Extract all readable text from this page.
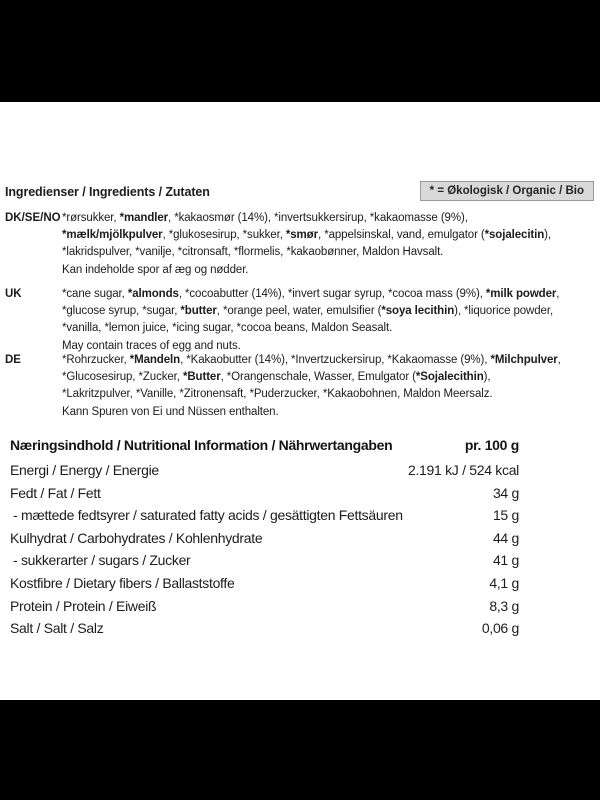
Ingredienser / Ingredients / Zutaten	* = Økologisk / Organic / Bio
DK/SE/NO *rørsukker, *mandler, *kakaosmør (14%), *invertsukkersirup, *kakaomasse (9%),
*mælk/mjölkpulver, *glukosesirup, *sukker, *smør, *appelsinskal, vand, emulgator (*sojalecitin),
*lakridspulver, *vanilje, *citronsaft, *flormelis, *kakaobønner, Maldon Havsalt.
Kan indeholde spor af æg og nødder.
UK	*cane sugar, *almonds, *cocoabutter (14%), *invert sugar syrup, *cocoa mass (9%), *milk powder,
*glucose syrup, *sugar, *butter, *orange peel, water, emulsifier (*soya lecithin), *liquorice powder,
*vanilla, *lemon juice, *icing sugar, *cocoa beans, Maldon Seasalt.
May contain traces of egg and nuts.
DE	*Rohrzucker, *Mandeln, *Kakaobutter (14%), *Invertzuckersirup, *Kakaomasse (9%), *Milchpulver,
*Glucosesirup, *Zucker, *Butter, *Orangenschale, Wasser, Emulgator (*Sojalecithin),
*Lakritzpulver, *Vanille, *Zitronensaft, *Puderzucker, *Kakaobohnen, Maldon Meersalz.
Kann Spuren von Ei und Nüssen enthalten.
Næringsindhold / Nutritional Information / Nährwertangaben	pr. 100 g
Energi / Energy / Energie	2.191 kJ / 524 kcal
Fedt / Fat / Fett	34 g
- mættede fedtsyrer / saturated fatty acids / gesättigten Fettsäuren	15 g
Kulhydrat / Carbohydrates / Kohlenhydrate	44 g
- sukkerarter / sugars / Zucker	41 g
Kostfibre / Dietary fibers / Ballaststoffe	4,1 g
Protein / Protein / Eiweiß	8,3 g
Salt / Salt / Salz	0,06 g
